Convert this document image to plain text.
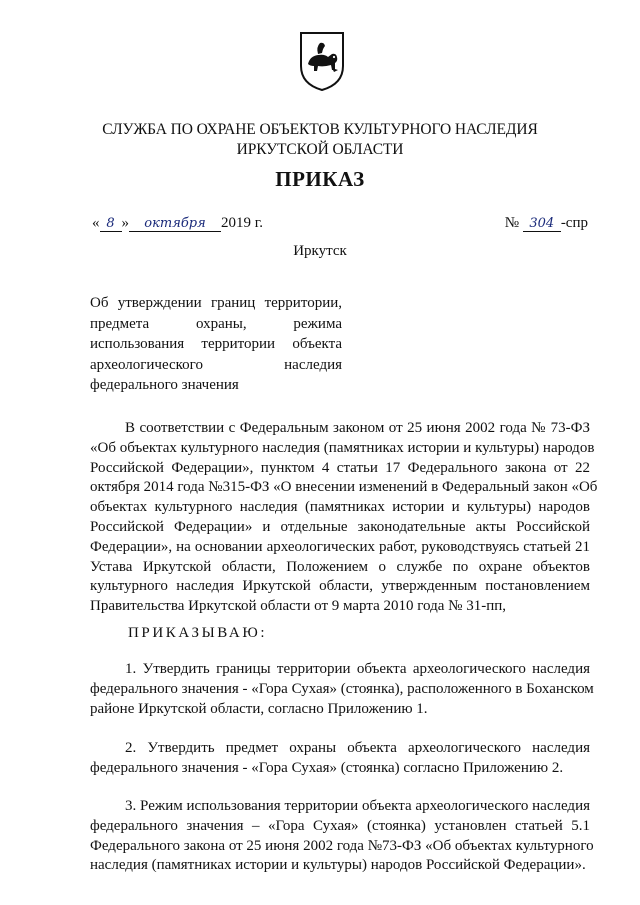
СЛУЖБА ПО ОХРАНЕ ОБЪЕКТОВ КУЛЬТУРНОГО НАСЛЕДИЯ
ИРКУТСКОЙ ОБЛАСТИ
ПРИКАЗ
« 8 » октября 2019 г.	№ 304 -спр
Иркутск
Об утверждении границ территории,
предмета охраны, режима
использования территории объекта
археологического наследия
федерального значения
В соответствии с Федеральным законом от 25 июня 2002 года № 73-ФЗ
«Об объектах культурного наследия (памятниках истории и культуры) народов
Российской Федерации», пунктом 4 статьи 17 Федерального закона от 22
октября 2014 года №315-ФЗ «О внесении изменений в Федеральный закон «Об
объектах культурного наследия (памятниках истории и культуры) народов
Российской Федерации» и отдельные законодательные акты Российской
Федерации», на основании археологических работ, руководствуясь статьей 21
Устава Иркутской области, Положением о службе по охране объектов
культурного наследия Иркутской области, утвержденным постановлением
Правительства Иркутской области от 9 марта 2010 года № 31-пп,
ПРИКАЗЫВАЮ:
1. Утвердить границы территории объекта археологического наследия
федерального значения - «Гора Сухая» (стоянка), расположенного в Боханском
районе Иркутской области, согласно Приложению 1.
2. Утвердить предмет охраны объекта археологического наследия
федерального значения - «Гора Сухая» (стоянка) согласно Приложению 2.
3. Режим использования территории объекта археологического наследия
федерального значения – «Гора Сухая» (стоянка) установлен статьей 5.1
Федерального закона от 25 июня 2002 года №73-ФЗ «Об объектах культурного
наследия (памятниках истории и культуры) народов Российской Федерации».
